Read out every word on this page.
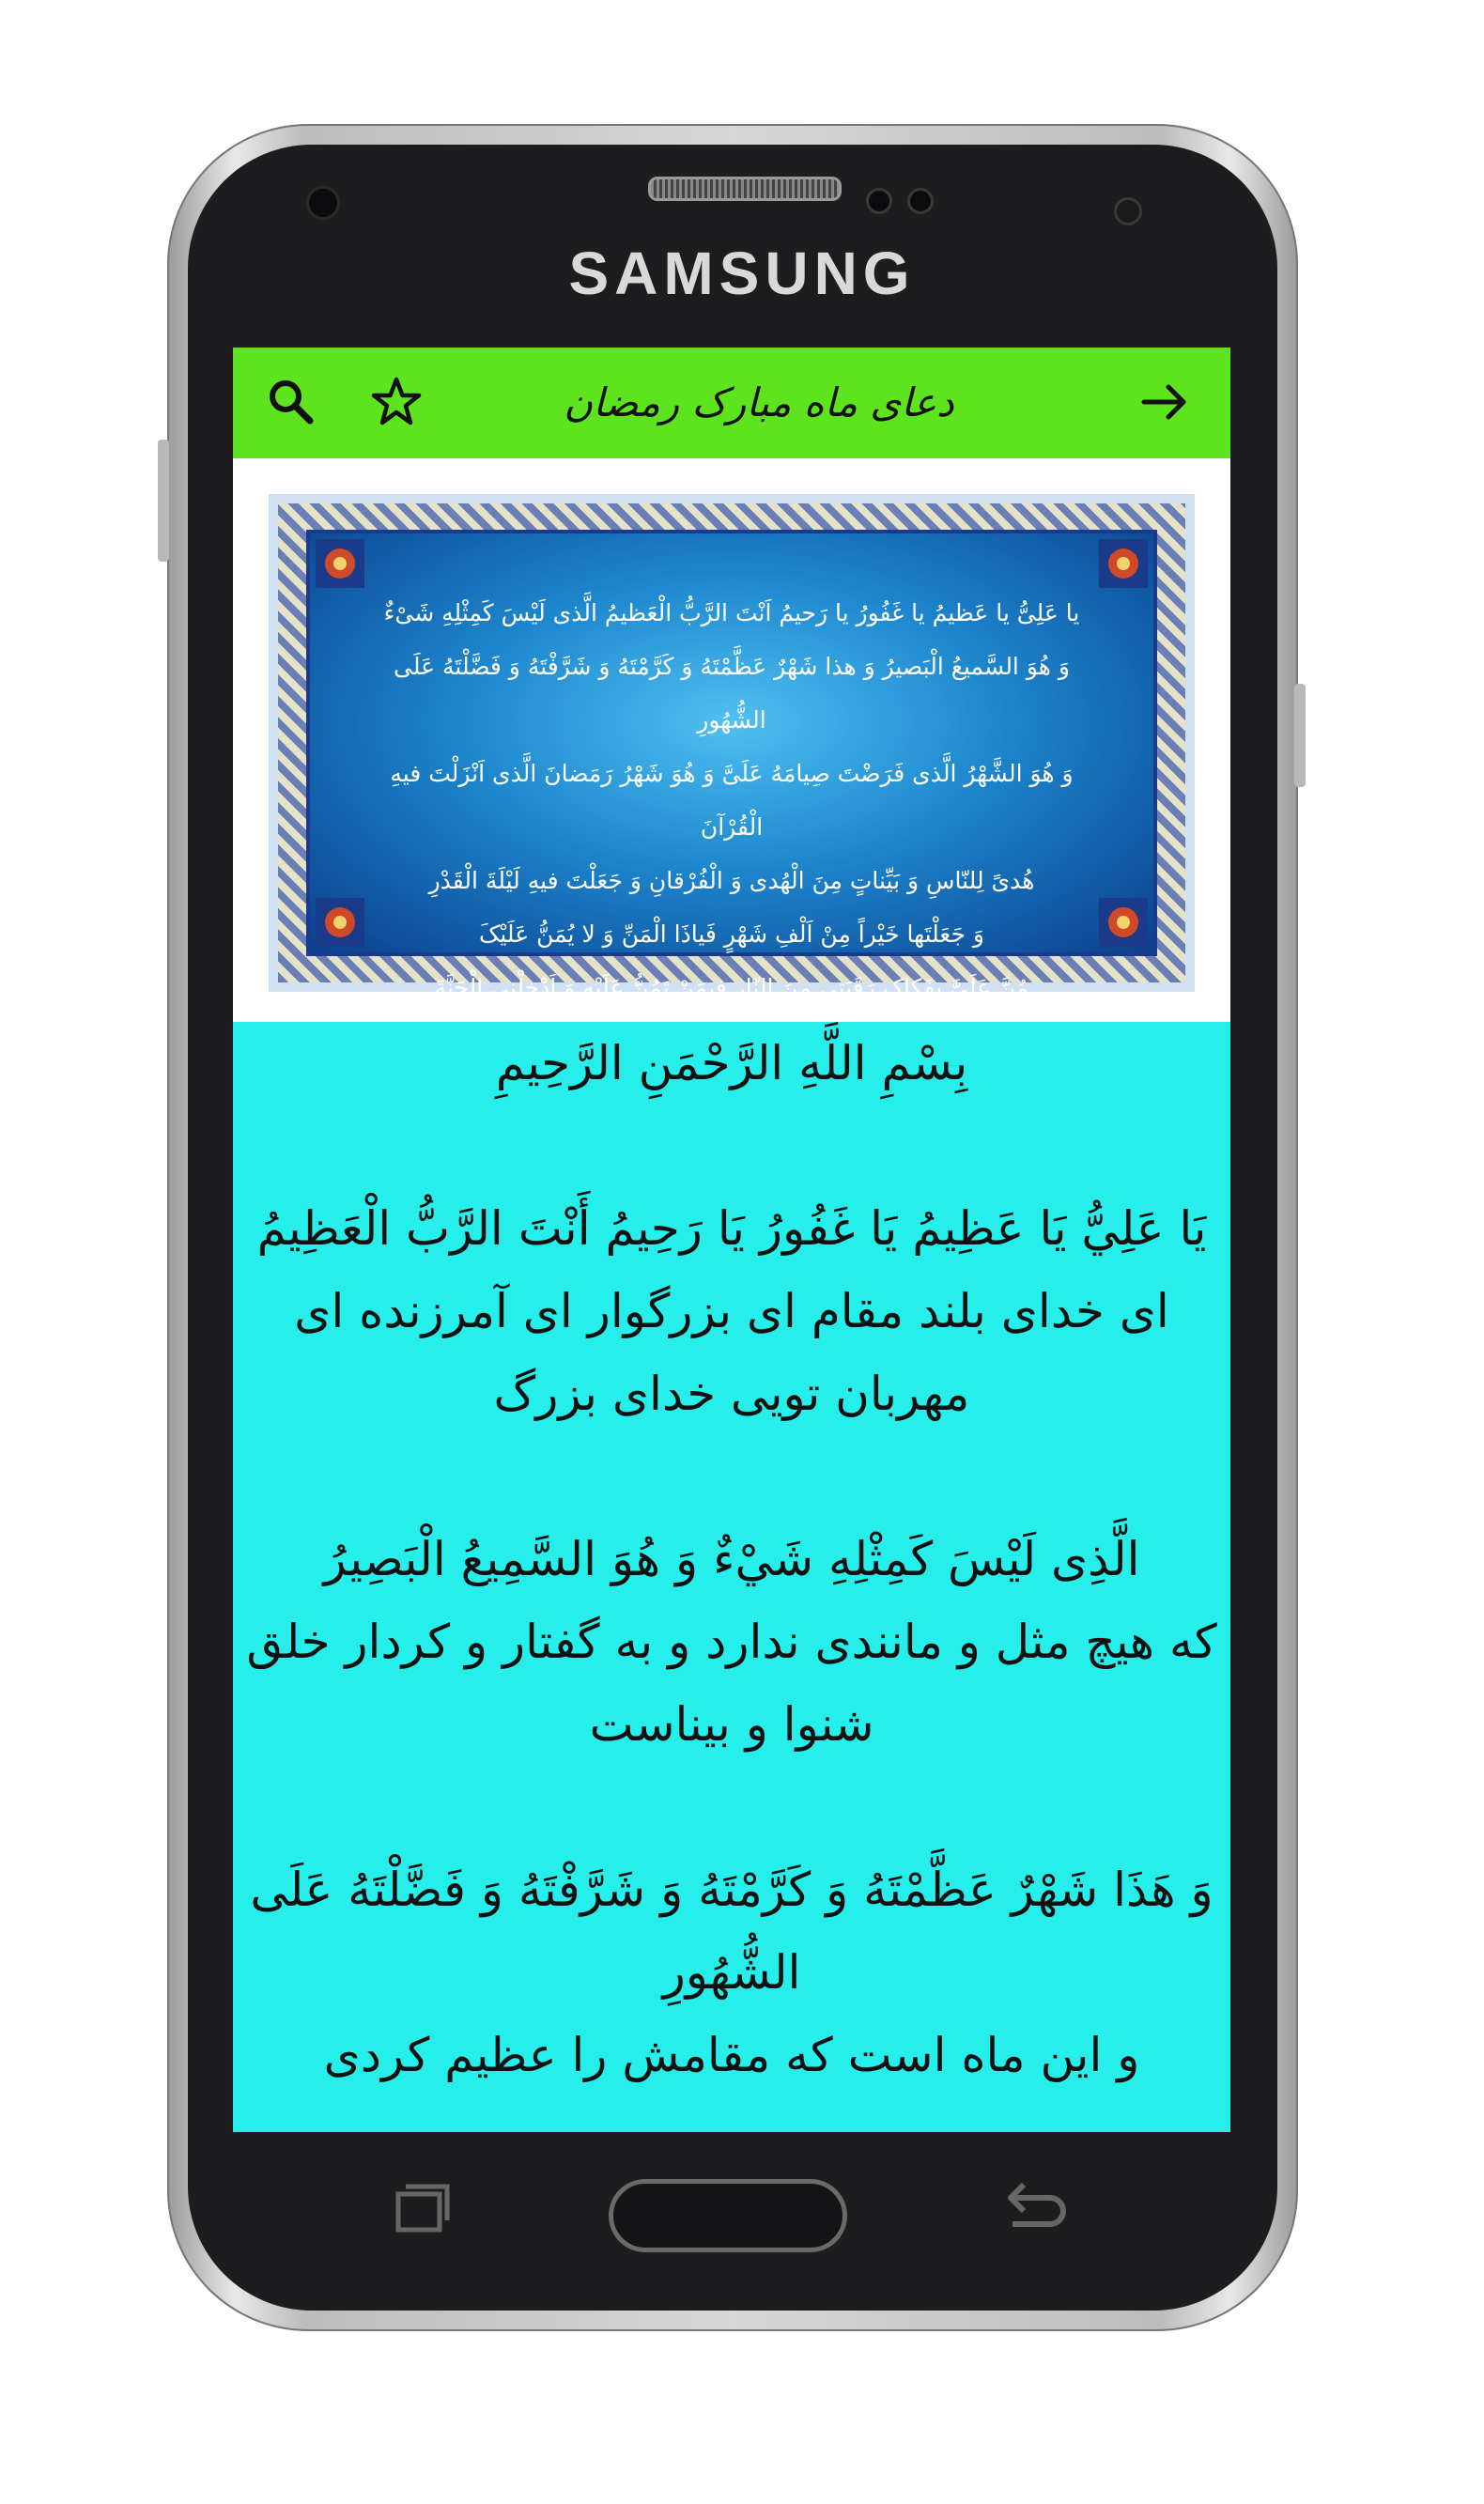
SAMSUNG
دعای ماه مبارک رمضان
یا عَلِیُّ یا عَظیمُ یا غَفُورُ یا رَحیمُ اَنْتَ الرَّبُّ الْعَظیمُ الَّذی لَیْسَ کَمِثْلِهِ شَیْءٌ
وَ هُوَ السَّمیعُ الْبَصیرُ وَ هذا شَهْرٌ عَظَّمْتَهُ وَ کَرَّمْتَهُ وَ شَرَّفْتَهُ وَ فَضَّلْتَهُ عَلَی الشُّهُورِ
وَ هُوَ الشَّهْرُ الَّذی فَرَضْتَ صِیامَهُ عَلَیَّ وَ هُوَ شَهْرُ رَمَضانَ الَّذی اَنْزَلْتَ فیهِ الْقُرْآنَ
هُدیً لِلنّاسِ وَ بَیِّناتٍ مِنَ الْهُدی وَ الْفُرْقانِ وَ جَعَلْتَ فیهِ لَیْلَةَ الْقَدْرِ
وَ جَعَلْتَها خَیْراً مِنْ اَلْفِ شَهْرٍ فَیاذَا الْمَنِّ وَ لا یُمَنُّ عَلَیْکَ
مُنَّ عَلَیَّ بِفَکاکِ رَقَبَتی مِنَ النّارِ فیمَنْ تَمُنُّ عَلَیْهِ وَ اَدْخِلْنِی الْجَنَّةَ
بِسْمِ اللَّهِ الرَّحْمَنِ الرَّحِيمِ

يَا عَلِيُّ يَا عَظِيمُ يَا غَفُورُ يَا رَحِيمُ أَنْتَ الرَّبُّ الْعَظِيمُ
ای خدای بلند مقام ای بزرگوار ای آمرزنده ای مهربان تویی خدای بزرگ

الَّذِی لَيْسَ كَمِثْلِهِ شَيْءٌ وَ هُوَ السَّمِيعُ الْبَصِيرُ
كه هيچ مثل و مانندی ندارد و به گفتار و كردار خلق شنوا و بيناست

وَ هَذَا شَهْرٌ عَظَّمْتَهُ وَ كَرَّمْتَهُ وَ شَرَّفْتَهُ وَ فَضَّلْتَهُ عَلَى الشُّهُورِ
و اين ماه است كه مقامش را عظيم كردی
